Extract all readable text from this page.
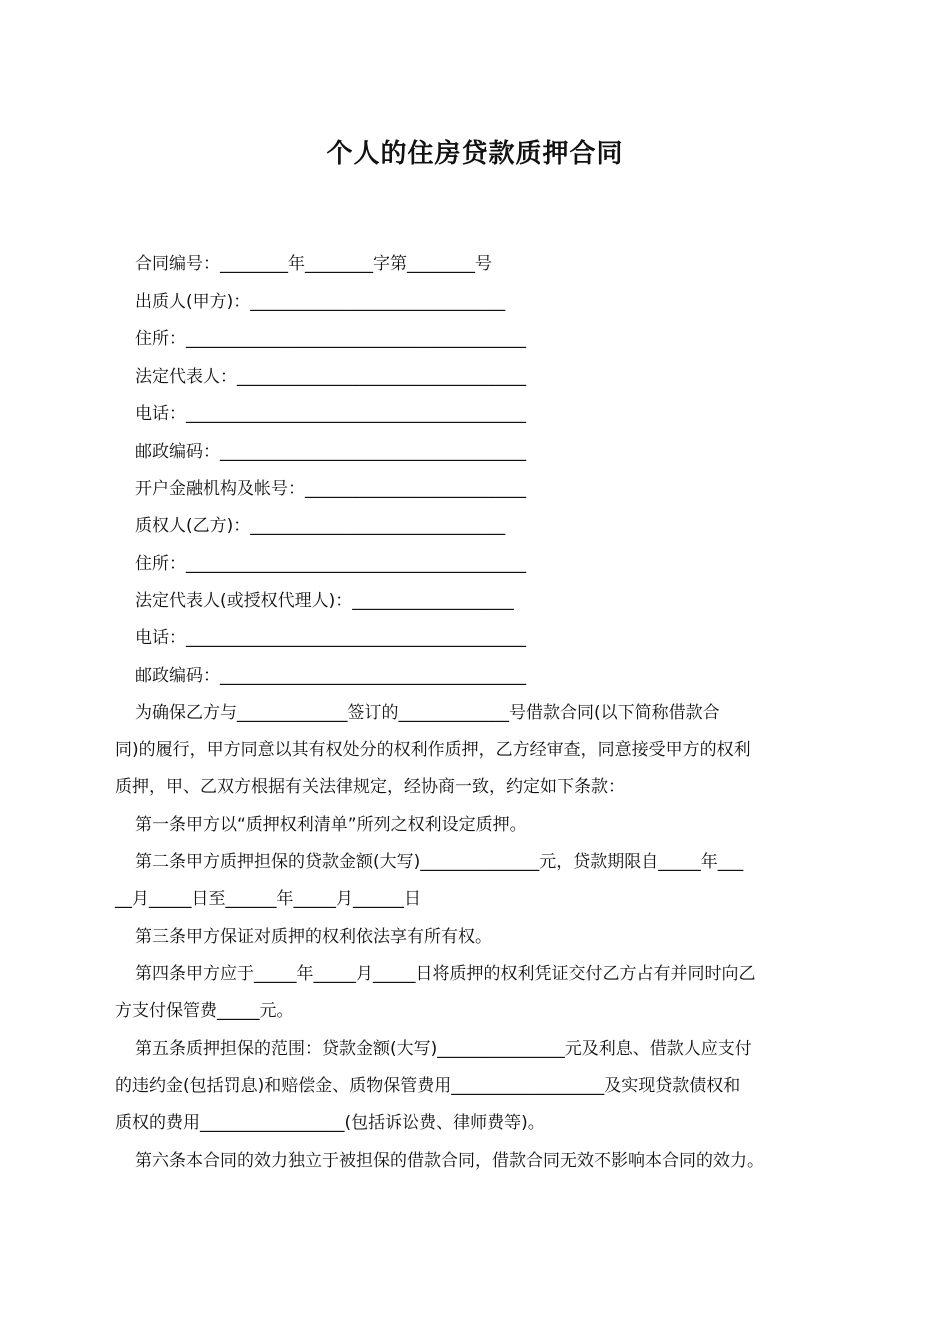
个人的住房贷款质押合同
合同编号：________年________字第________号
出质人(甲方)：______________________________
住所：________________________________________
法定代表人：__________________________________
电话：________________________________________
邮政编码：____________________________________
开户金融机构及帐号：__________________________
质权人(乙方)：______________________________
住所：________________________________________
法定代表人(或授权代理人)：___________________
电话：________________________________________
邮政编码：____________________________________
为确保乙方与_____________签订的_____________号借款合同(以下简称借款合
同)的履行，甲方同意以其有权处分的权利作质押，乙方经审查，同意接受甲方的权利
质押，甲、乙双方根据有关法律规定，经协商一致，约定如下条款：
第一条甲方以“质押权利清单”所列之权利设定质押。
第二条甲方质押担保的贷款金额(大写)______________元，贷款期限自_____年___
__月_____日至______年_____月______日
第三条甲方保证对质押的权利依法享有所有权。
第四条甲方应于_____年_____月_____日将质押的权利凭证交付乙方占有并同时向乙
方支付保管费_____元。
第五条质押担保的范围：贷款金额(大写)_______________元及利息、借款人应支付
的违约金(包括罚息)和赔偿金、质物保管费用__________________及实现贷款债权和
质权的费用_________________(包括诉讼费、律师费等)。
第六条本合同的效力独立于被担保的借款合同，借款合同无效不影响本合同的效力。
